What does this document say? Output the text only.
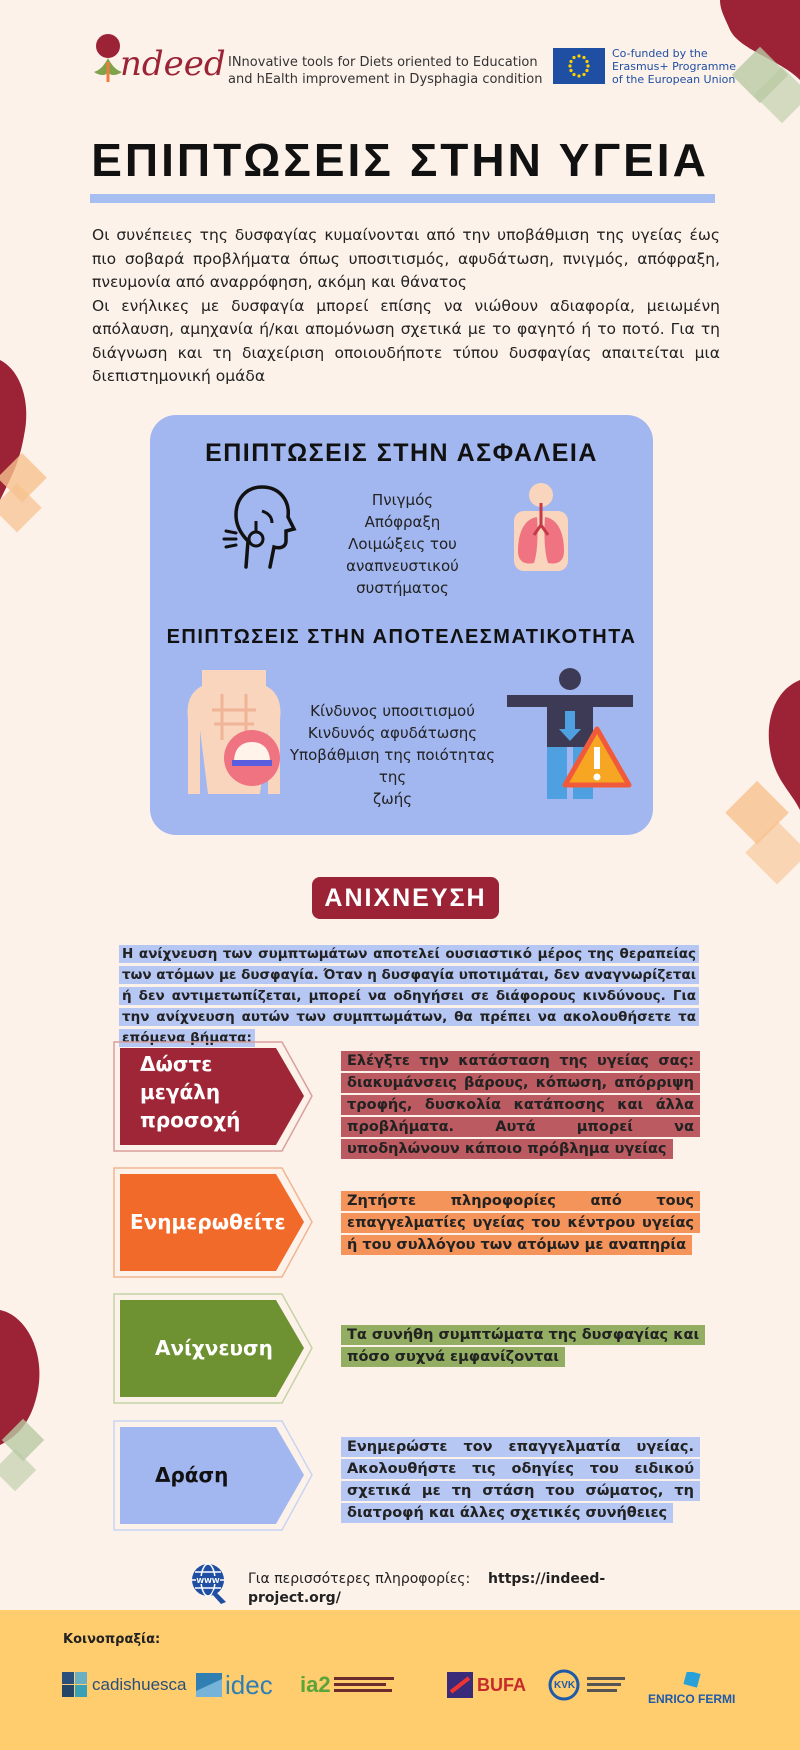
ndeed INnovative tools for Diets oriented to Education
and hEalth improvement in Dysphagia condition
Co-funded by the
Erasmus+ Programme
of the European Union
ΕΠΙΠΤΩΣΕΙΣ ΣΤΗΝ ΥΓΕΙΑ

Οι συνέπειες της δυσφαγίας κυμαίνονται από την υποβάθμιση της υγείας έως πιο σοβαρά προβλήματα όπως υποσιτισμός, αφυδάτωση, πνιγμός, απόφραξη, πνευμονία από αναρρόφηση, ακόμη και θάνατος

Οι ενήλικες με δυσφαγία μπορεί επίσης να νιώθουν αδιαφορία, μειωμένη απόλαυση, αμηχανία ή/και απομόνωση σχετικά με το φαγητό ή το ποτό. Για τη διάγνωση και τη διαχείριση οποιουδήποτε τύπου δυσφαγίας απαιτείται μια διεπιστημονική ομάδα

ΕΠΙΠΤΩΣΕΙΣ ΣΤΗΝ ΑΣΦΑΛΕΙΑ
Πνιγμός
Απόφραξη
Λοιμώξεις του
αναπνευστικού συστήματος
ΕΠΙΠΤΩΣΕΙΣ ΣΤΗΝ ΑΠΟΤΕΛΕΣΜΑΤΙΚΟΤΗΤΑ
Κίνδυνος υποσιτισμού
Κινδυνός αφυδάτωσης
Υποβάθμιση της ποιότητας της
ζωής
ΑΝΙΧΝΕΥΣΗ
Η ανίχνευση των συμπτωμάτων αποτελεί ουσιαστικό μέρος της θεραπείας των ατόμων με δυσφαγία. Όταν η δυσφαγία υποτιμάται, δεν αναγνωρίζεται ή δεν αντιμετωπίζεται, μπορεί να οδηγήσει σε διάφορους κινδύνους. Για την ανίχνευση αυτών των συμπτωμάτων, θα πρέπει να ακολουθήσετε τα επόμενα βήματα:
Δώστε
μεγάλη
προσοχή
Ελέγξτε την κατάσταση της υγείας σας: διακυμάνσεις βάρους, κόπωση, απόρριψη τροφής, δυσκολία κατάποσης και άλλα προβλήματα. Αυτά μπορεί να υποδηλώνουν κάποιο πρόβλημα υγείας
Ενημερωθείτε
Ζητήστε πληροφορίες από τους επαγγελματίες υγείας του κέντρου υγείας ή του συλλόγου των ατόμων με αναπηρία
Ανίχνευση
Τα συνήθη συμπτώματα της δυσφαγίας και πόσο συχνά εμφανίζονται
Δράση
Ενημερώστε τον επαγγελματία υγείας. Ακολουθήστε τις οδηγίες του ειδικού σχετικά με τη στάση του σώματος, τη διατροφή και άλλες σχετικές συνήθειες
WWW Για περισσότερες πληροφορίες: https://indeed-
project.org/
Κοινοπραξία:
cadishuesca idec ia2	BUFA	KVK
ENRICO FERMI
